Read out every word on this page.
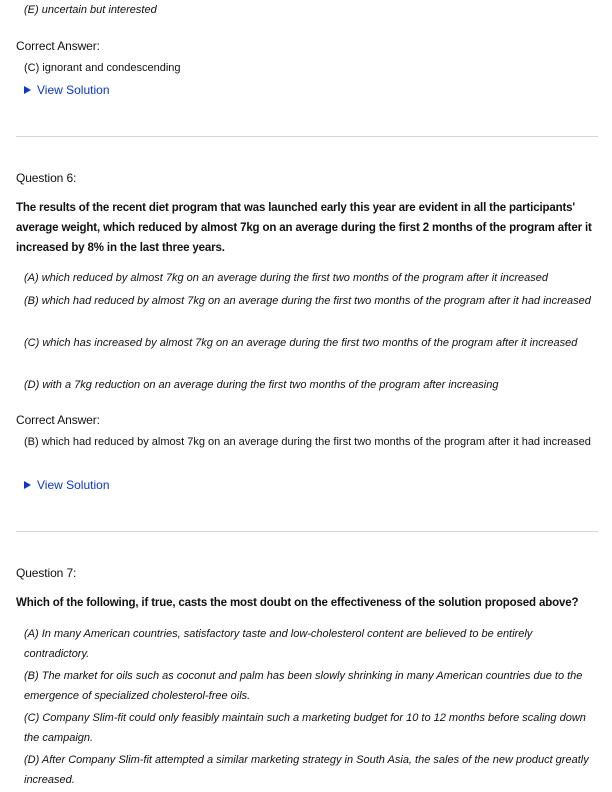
(E) uncertain but interested

Correct Answer:

(C) ignorant and condescending

View Solution

Question 6:

The results of the recent diet program that was launched early this year are evident in all the participants' average weight, which reduced by almost 7kg on an average during the first 2 months of the program after it increased by 8% in the last three years.

(A) which reduced by almost 7kg on an average during the first two months of the program after it increased

(B) which had reduced by almost 7kg on an average during the first two months of the program after it had increased

(C) which has increased by almost 7kg on an average during the first two months of the program after it increased

(D) with a 7kg reduction on an average during the first two months of the program after increasing

Correct Answer:

(B) which had reduced by almost 7kg on an average during the first two months of the program after it had increased

View Solution

Question 7:

Which of the following, if true, casts the most doubt on the effectiveness of the solution proposed above?

(A) In many American countries, satisfactory taste and low-cholesterol content are believed to be entirely contradictory.

(B) The market for oils such as coconut and palm has been slowly shrinking in many American countries due to the emergence of specialized cholesterol-free oils.

(C) Company Slim-fit could only feasibly maintain such a marketing budget for 10 to 12 months before scaling down the campaign.

(D) After Company Slim-fit attempted a similar marketing strategy in South Asia, the sales of the new product greatly increased.
